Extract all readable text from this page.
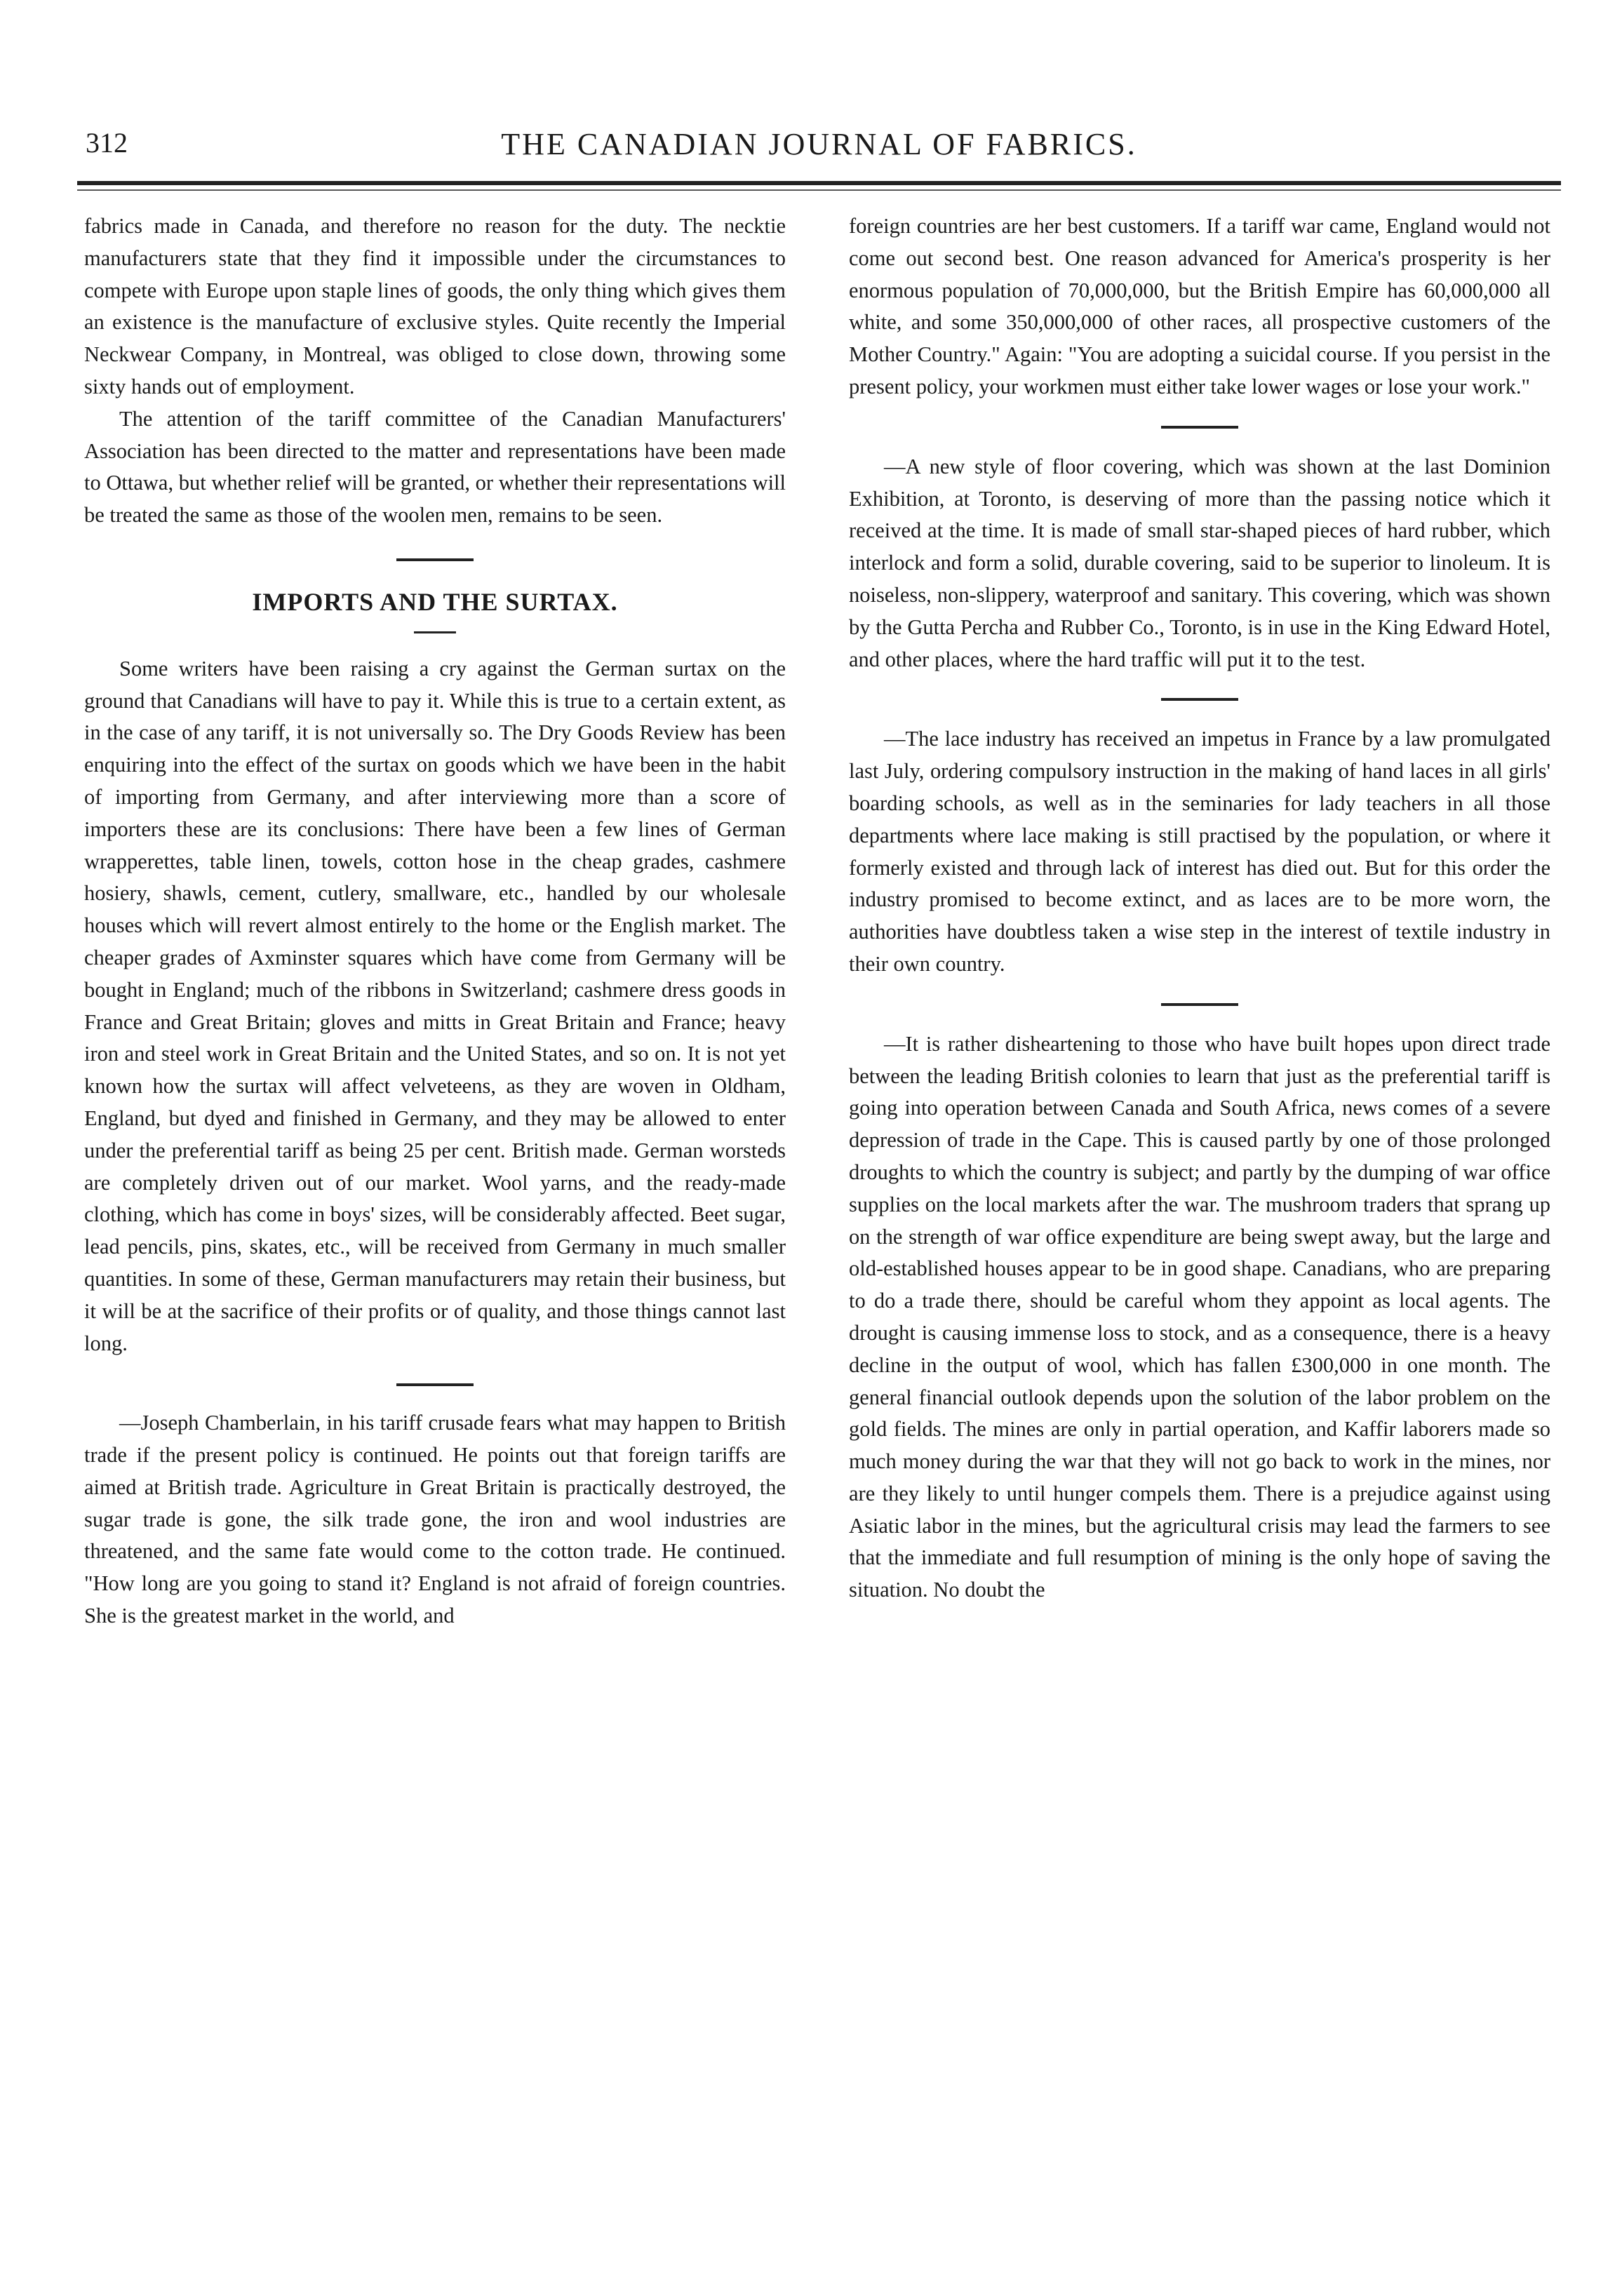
312	THE CANADIAN JOURNAL OF FABRICS.

fabrics made in Canada, and therefore no reason for the duty. The necktie manufacturers state that they find it impossible under the circumstances to compete with Europe upon staple lines of goods, the only thing which gives them an existence is the manufacture of exclusive styles. Quite recently the Imperial Neckwear Company, in Montreal, was obliged to close down, throwing some sixty hands out of employment.

The attention of the tariff committee of the Canadian Manufacturers' Association has been directed to the matter and representations have been made to Ottawa, but whether relief will be granted, or whether their representations will be treated the same as those of the woolen men, remains to be seen.

IMPORTS AND THE SURTAX.

Some writers have been raising a cry against the German surtax on the ground that Canadians will have to pay it. While this is true to a certain extent, as in the case of any tariff, it is not universally so. The Dry Goods Review has been enquiring into the effect of the surtax on goods which we have been in the habit of importing from Germany, and after interviewing more than a score of importers these are its conclusions: There have been a few lines of German wrapperettes, table linen, towels, cotton hose in the cheap grades, cashmere hosiery, shawls, cement, cutlery, smallware, etc., handled by our wholesale houses which will revert almost entirely to the home or the English market. The cheaper grades of Axminster squares which have come from Germany will be bought in England; much of the ribbons in Switzerland; cashmere dress goods in France and Great Britain; gloves and mitts in Great Britain and France; heavy iron and steel work in Great Britain and the United States, and so on. It is not yet known how the surtax will affect velveteens, as they are woven in Oldham, England, but dyed and finished in Germany, and they may be allowed to enter under the preferential tariff as being 25 per cent. British made. German worsteds are completely driven out of our market. Wool yarns, and the ready-made clothing, which has come in boys' sizes, will be considerably affected. Beet sugar, lead pencils, pins, skates, etc., will be received from Germany in much smaller quantities. In some of these, German manufacturers may retain their business, but it will be at the sacrifice of their profits or of quality, and those things cannot last long.

—Joseph Chamberlain, in his tariff crusade fears what may happen to British trade if the present policy is continued. He points out that foreign tariffs are aimed at British trade. Agriculture in Great Britain is practically destroyed, the sugar trade is gone, the silk trade gone, the iron and wool industries are threatened, and the same fate would come to the cotton trade. He continued. "How long are you going to stand it? England is not afraid of foreign countries. She is the greatest market in the world, and

foreign countries are her best customers. If a tariff war came, England would not come out second best. One reason advanced for America's prosperity is her enormous population of 70,000,000, but the British Empire has 60,000,000 all white, and some 350,000,000 of other races, all prospective customers of the Mother Country." Again: "You are adopting a suicidal course. If you persist in the present policy, your workmen must either take lower wages or lose your work."

—A new style of floor covering, which was shown at the last Dominion Exhibition, at Toronto, is deserving of more than the passing notice which it received at the time. It is made of small star-shaped pieces of hard rubber, which interlock and form a solid, durable covering, said to be superior to linoleum. It is noiseless, non-slippery, waterproof and sanitary. This covering, which was shown by the Gutta Percha and Rubber Co., Toronto, is in use in the King Edward Hotel, and other places, where the hard traffic will put it to the test.

—The lace industry has received an impetus in France by a law promulgated last July, ordering compulsory instruction in the making of hand laces in all girls' boarding schools, as well as in the seminaries for lady teachers in all those departments where lace making is still practised by the population, or where it formerly existed and through lack of interest has died out. But for this order the industry promised to become extinct, and as laces are to be more worn, the authorities have doubtless taken a wise step in the interest of textile industry in their own country.

—It is rather disheartening to those who have built hopes upon direct trade between the leading British colonies to learn that just as the preferential tariff is going into operation between Canada and South Africa, news comes of a severe depression of trade in the Cape. This is caused partly by one of those prolonged droughts to which the country is subject; and partly by the dumping of war office supplies on the local markets after the war. The mushroom traders that sprang up on the strength of war office expenditure are being swept away, but the large and old-established houses appear to be in good shape. Canadians, who are preparing to do a trade there, should be careful whom they appoint as local agents. The drought is causing immense loss to stock, and as a consequence, there is a heavy decline in the output of wool, which has fallen £300,000 in one month. The general financial outlook depends upon the solution of the labor problem on the gold fields. The mines are only in partial operation, and Kaffir laborers made so much money during the war that they will not go back to work in the mines, nor are they likely to until hunger compels them. There is a prejudice against using Asiatic labor in the mines, but the agricultural crisis may lead the farmers to see that the immediate and full resumption of mining is the only hope of saving the situation. No doubt the
